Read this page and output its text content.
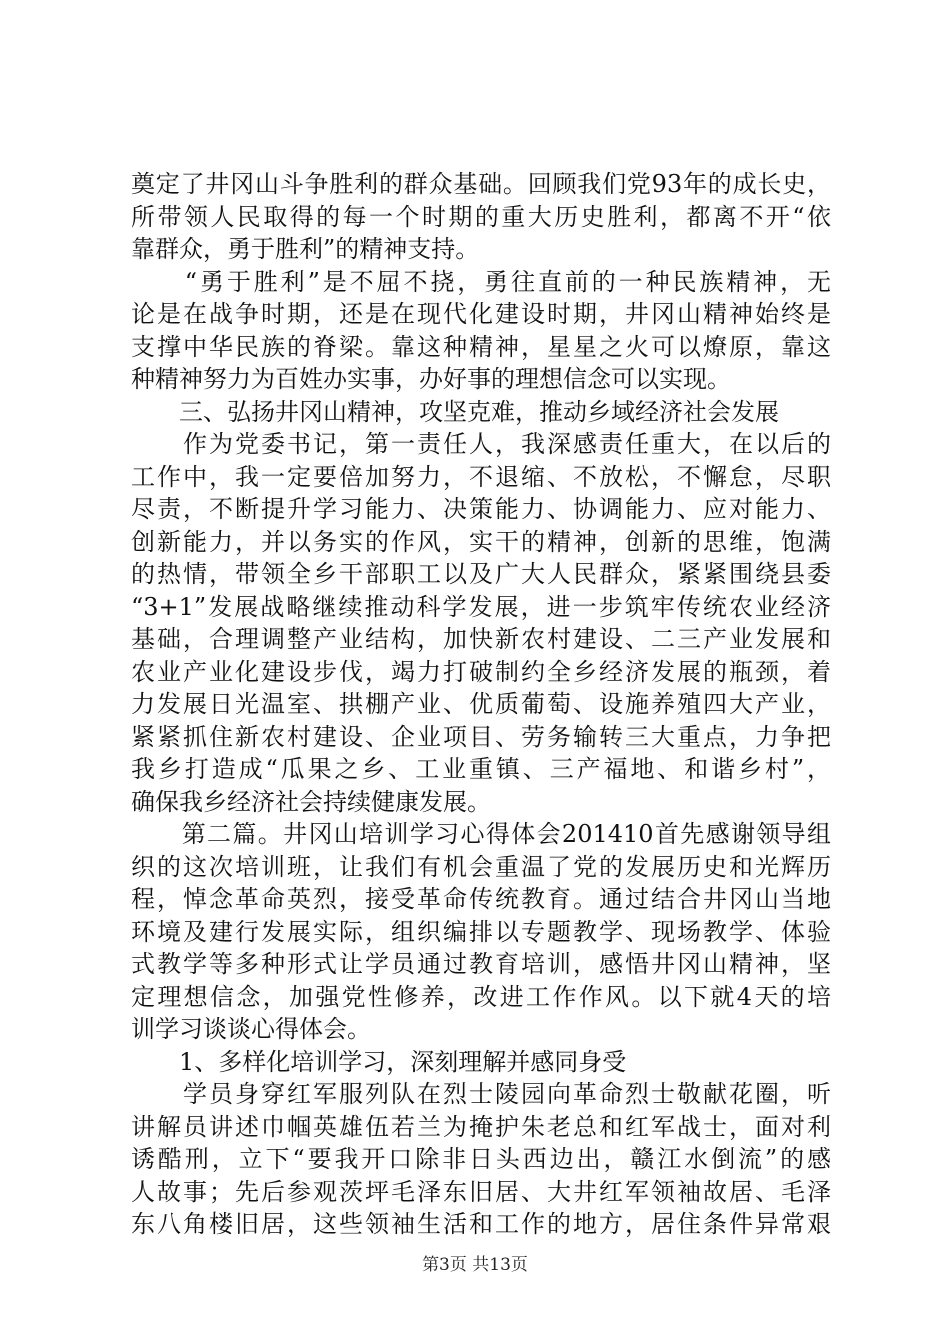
奠定了井冈山斗争胜利的群众基础。回顾我们党93年的成长史，
所带领人民取得的每一个时期的重大历史胜利，都离不开“依
靠群众，勇于胜利”的精神支持。
　　“勇于胜利”是不屈不挠，勇往直前的一种民族精神，无
论是在战争时期，还是在现代化建设时期，井冈山精神始终是
支撑中华民族的脊梁。靠这种精神，星星之火可以燎原，靠这
种精神努力为百姓办实事，办好事的理想信念可以实现。
　　三、弘扬井冈山精神，攻坚克难，推动乡域经济社会发展
　　作为党委书记，第一责任人，我深感责任重大，在以后的
工作中，我一定要倍加努力，不退缩、不放松，不懈怠，尽职
尽责，不断提升学习能力、决策能力、协调能力、应对能力、
创新能力，并以务实的作风，实干的精神，创新的思维，饱满
的热情，带领全乡干部职工以及广大人民群众，紧紧围绕县委
“3+1”发展战略继续推动科学发展，进一步筑牢传统农业经济
基础，合理调整产业结构，加快新农村建设、二三产业发展和
农业产业化建设步伐，竭力打破制约全乡经济发展的瓶颈，着
力发展日光温室、拱棚产业、优质葡萄、设施养殖四大产业，
紧紧抓住新农村建设、企业项目、劳务输转三大重点，力争把
我乡打造成“瓜果之乡、工业重镇、三产福地、和谐乡村”，
确保我乡经济社会持续健康发展。
　　第二篇。井冈山培训学习心得体会201410首先感谢领导组
织的这次培训班，让我们有机会重温了党的发展历史和光辉历
程，悼念革命英烈，接受革命传统教育。通过结合井冈山当地
环境及建行发展实际，组织编排以专题教学、现场教学、体验
式教学等多种形式让学员通过教育培训，感悟井冈山精神，坚
定理想信念，加强党性修养，改进工作作风。以下就4天的培
训学习谈谈心得体会。
　　1、多样化培训学习，深刻理解并感同身受
　　学员身穿红军服列队在烈士陵园向革命烈士敬献花圈，听
讲解员讲述巾帼英雄伍若兰为掩护朱老总和红军战士，面对利
诱酷刑，立下“要我开口除非日头西边出，赣江水倒流”的感
人故事；先后参观茨坪毛泽东旧居、大井红军领袖故居、毛泽
东八角楼旧居，这些领袖生活和工作的地方，居住条件异常艰
第3页 共13页
